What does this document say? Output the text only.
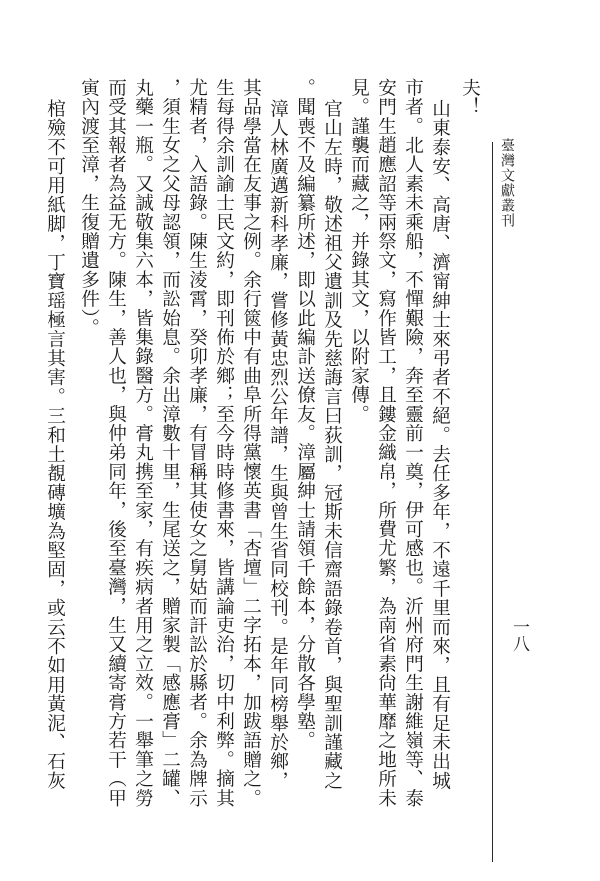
臺灣文獻叢刊
一八
夫！
山東泰安、高唐、濟甯紳士來弔者不絕。去任多年，不遠千里而來，且有足未出城
市者。北人素未乘船，不憚艱險，奔至靈前一奠，伊可感也。沂州府門生謝維嶺等、泰
安門生趙應詔等兩祭文，寫作皆工，且鏤金織帛，所費尤繁，為南省素尙華靡之地所未
見。謹襲而藏之，并錄其文，以附家傳。
官山左時，敬述祖父遺訓及先慈誨言曰荻訓，冠斯未信齋語錄卷首，與聖訓謹藏之
。聞喪不及編纂所述，即以此編訃送僚友。漳屬紳士請領千餘本，分散各學塾。
漳人林廣邁新科孝廉，嘗修黃忠烈公年譜，生與曾生省同校刊。是年同榜舉於鄉，
其品學當在友事之例。余行篋中有曲阜所得黨懷英書「杏壇」二字拓本，加跋語贈之。
生每得余訓諭士民文約，即刊佈於鄉；至今時時修書來，皆講論吏治，切中利弊。摘其
尤精者，入語錄。陳生淩霄，癸卯孝廉，有冒稱其使女之舅姑而訐訟於縣者。余為牌示
，須生女之父母認領，而訟始息。余出漳數十里，生尾送之，贈家製「感應膏」二罐、
丸藥一瓶。又誠敬集六本，皆集錄醫方。膏丸携至家，有疾病者用之立效。一舉筆之勞
而受其報者為益无方。陳生，善人也，與仲弟同年，後至臺灣，生又續寄膏方若干（甲
寅內渡至漳，生復贈遺多件）。
棺殮不可用紙脚，丁寶瑶極言其害。三和土覩磚壙為堅固，或云不如用黃泥、石灰
